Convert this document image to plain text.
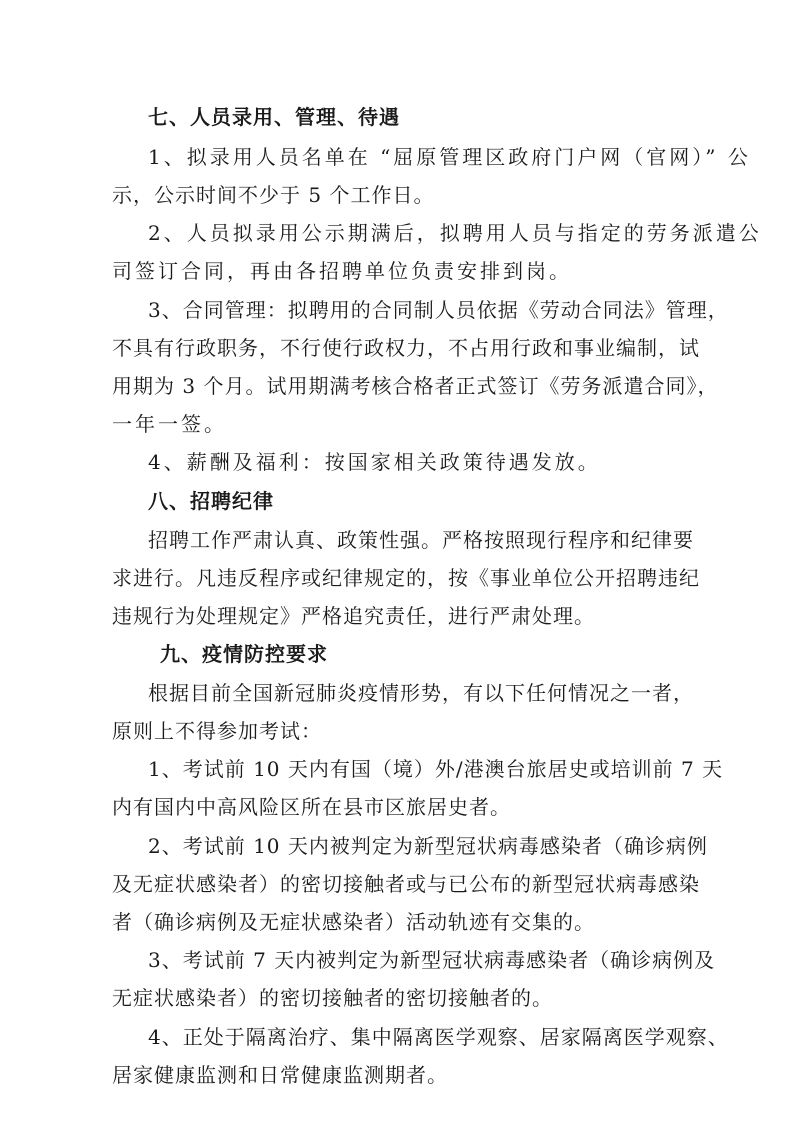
七、人员录用、管理、待遇
1、拟录用人员名单在 “屈原管理区政府门户网（官网）” 公
示，公示时间不少于 5 个工作日。
2、人员拟录用公示期满后，拟聘用人员与指定的劳务派遣公
司签订合同，再由各招聘单位负责安排到岗。
3、合同管理：拟聘用的合同制人员依据《劳动合同法》管理，
不具有行政职务，不行使行政权力，不占用行政和事业编制，试
用期为 3 个月。试用期满考核合格者正式签订《劳务派遣合同》，
一年一签。
4、薪酬及福利：按国家相关政策待遇发放。
八、招聘纪律
招聘工作严肃认真、政策性强。严格按照现行程序和纪律要
求进行。凡违反程序或纪律规定的，按《事业单位公开招聘违纪
违规行为处理规定》严格追究责任，进行严肃处理。
九、疫情防控要求
根据目前全国新冠肺炎疫情形势，有以下任何情况之一者，
原则上不得参加考试：
1、考试前 10 天内有国（境）外/港澳台旅居史或培训前 7 天
内有国内中高风险区所在县市区旅居史者。
2、考试前 10 天内被判定为新型冠状病毒感染者（确诊病例
及无症状感染者）的密切接触者或与已公布的新型冠状病毒感染
者（确诊病例及无症状感染者）活动轨迹有交集的。
3、考试前 7 天内被判定为新型冠状病毒感染者（确诊病例及
无症状感染者）的密切接触者的密切接触者的。
4、正处于隔离治疗、集中隔离医学观察、居家隔离医学观察、
居家健康监测和日常健康监测期者。
